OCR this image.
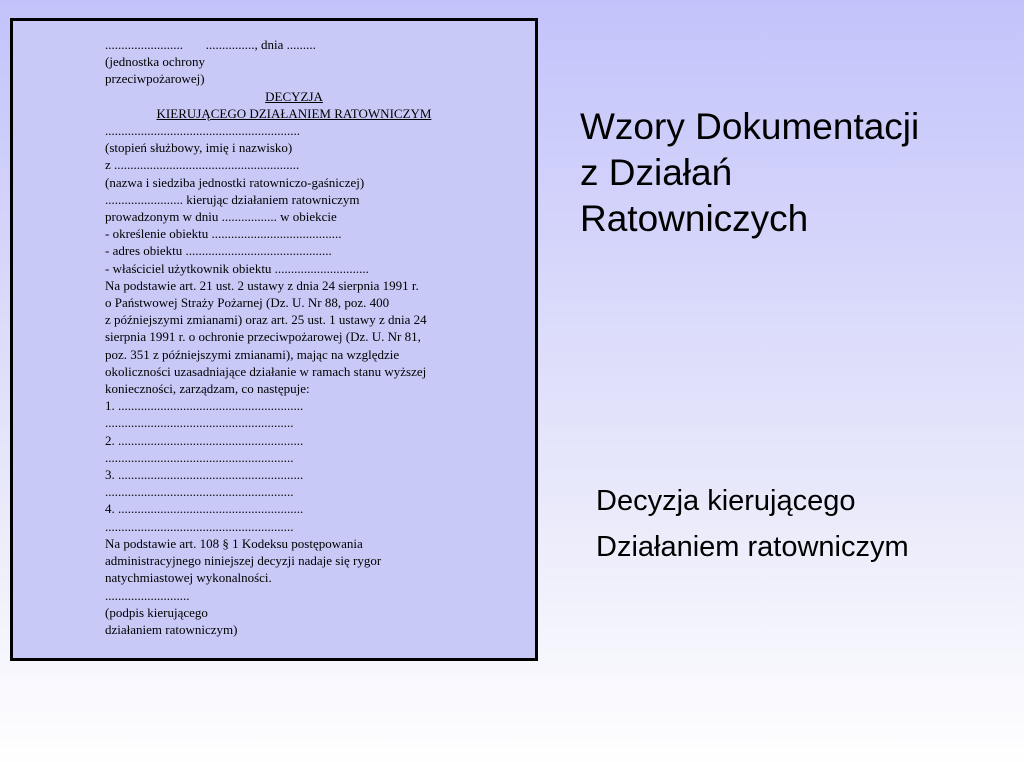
........................       ..............., dnia .........
(jednostka ochrony
przeciwpożarowej)
DECYZJA
KIERUJĄCEGO DZIAŁANIEM RATOWNICZYM
............................................................
(stopień służbowy, imię i nazwisko)
z .........................................................
(nazwa i siedziba jednostki ratowniczo-gaśniczej)
........................ kierując działaniem ratowniczym
prowadzonym w dniu ................. w obiekcie
- określenie obiektu ........................................
- adres obiektu .............................................
- właściciel użytkownik obiektu .............................
Na podstawie art. 21 ust. 2 ustawy z dnia 24 sierpnia 1991 r.
o Państwowej Straży Pożarnej (Dz. U. Nr 88, poz. 400
z późniejszymi zmianami) oraz art. 25 ust. 1 ustawy z dnia 24
sierpnia 1991 r. o ochronie przeciwpożarowej (Dz. U. Nr 81,
poz. 351 z późniejszymi zmianami), mając na względzie
okoliczności uzasadniające działanie w ramach stanu wyższej
konieczności, zarządzam, co następuje:
1. .........................................................
..........................................................
2. .........................................................
..........................................................
3. .........................................................
..........................................................
4. .........................................................
..........................................................
Na podstawie art. 108 § 1 Kodeksu postępowania
administracyjnego niniejszej decyzji nadaje się rygor
natychmiastowej wykonalności.
..........................
(podpis kierującego
działaniem ratowniczym)
Wzory Dokumentacji
z Działań
Ratowniczych
Decyzja kierującego
Działaniem ratowniczym
